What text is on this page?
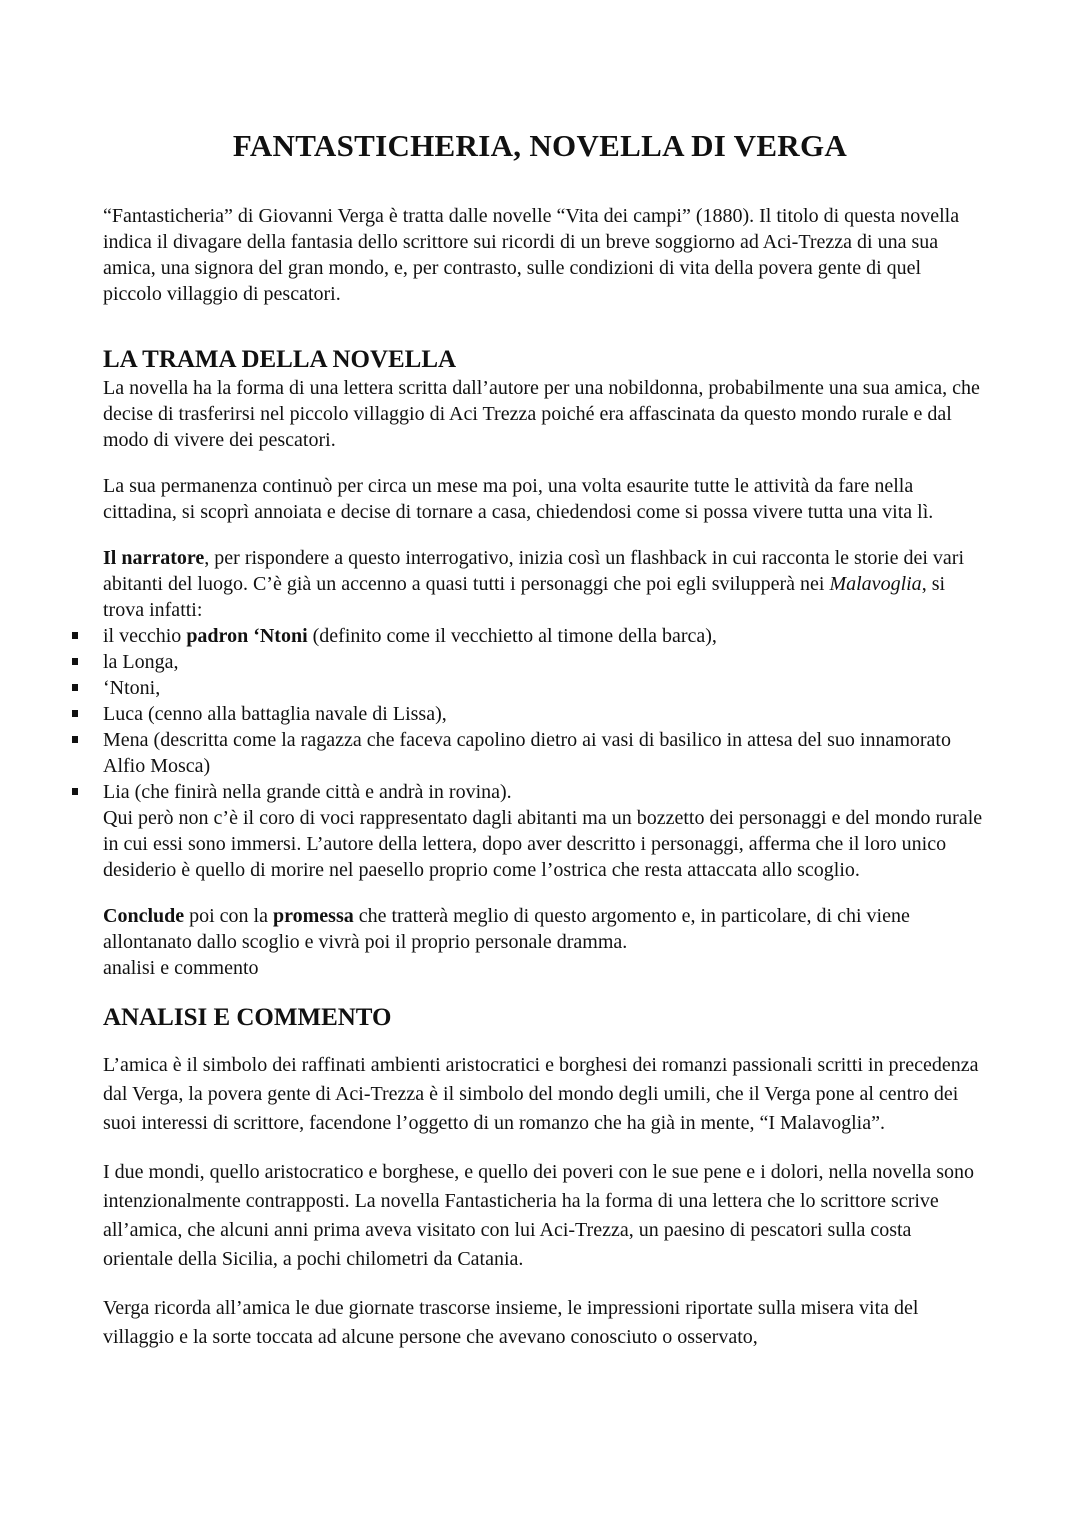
FANTASTICHERIA, NOVELLA DI VERGA

“Fantasticheria” di Giovanni Verga è tratta dalle novelle “Vita dei campi” (1880). Il titolo di questa novella indica il divagare della fantasia dello scrittore sui ricordi di un breve soggiorno ad Aci-Trezza di una sua amica, una signora del gran mondo, e, per contrasto, sulle condizioni di vita della povera gente di quel piccolo villaggio di pescatori.

LA TRAMA DELLA NOVELLA

La novella ha la forma di una lettera scritta dall’autore per una nobildonna, probabilmente una sua amica, che decise di trasferirsi nel piccolo villaggio di Aci Trezza poiché era affascinata da questo mondo rurale e dal modo di vivere dei pescatori.

La sua permanenza continuò per circa un mese ma poi, una volta esaurite tutte le attività da fare nella cittadina, si scoprì annoiata e decise di tornare a casa, chiedendosi come si possa vivere tutta una vita lì.

Il narratore, per rispondere a questo interrogativo, inizia così un flashback in cui racconta le storie dei vari abitanti del luogo. C’è già un accenno a quasi tutti i personaggi che poi egli svilupperà nei Malavoglia, si trova infatti:

il vecchio padron ‘Ntoni (definito come il vecchietto al timone della barca),
la Longa,
‘Ntoni,
Luca (cenno alla battaglia navale di Lissa),
Mena (descritta come la ragazza che faceva capolino dietro ai vasi di basilico in attesa del suo innamorato Alfio Mosca)
Lia (che finirà nella grande città e andrà in rovina).

Qui però non c’è il coro di voci rappresentato dagli abitanti ma un bozzetto dei personaggi e del mondo rurale in cui essi sono immersi. L’autore della lettera, dopo aver descritto i personaggi, afferma che il loro unico desiderio è quello di morire nel paesello proprio come l’ostrica che resta attaccata allo scoglio.

Conclude poi con la promessa che tratterà meglio di questo argomento e, in particolare, di chi viene allontanato dallo scoglio e vivrà poi il proprio personale dramma.

analisi e commento

ANALISI E COMMENTO

L’amica è il simbolo dei raffinati ambienti aristocratici e borghesi dei romanzi passionali scritti in precedenza dal Verga, la povera gente di Aci-Trezza è il simbolo del mondo degli umili, che il Verga pone al centro dei suoi interessi di scrittore, facendone l’oggetto di un romanzo che ha già in mente, “I Malavoglia”.

I due mondi, quello aristocratico e borghese, e quello dei poveri con le sue pene e i dolori, nella novella sono intenzionalmente contrapposti. La novella Fantasticheria ha la forma di una lettera che lo scrittore scrive all’amica, che alcuni anni prima aveva visitato con lui Aci-Trezza, un paesino di pescatori sulla costa orientale della Sicilia, a pochi chilometri da Catania.

Verga ricorda all’amica le due giornate trascorse insieme, le impressioni riportate sulla misera vita del villaggio e la sorte toccata ad alcune persone che avevano conosciuto o osservato,
